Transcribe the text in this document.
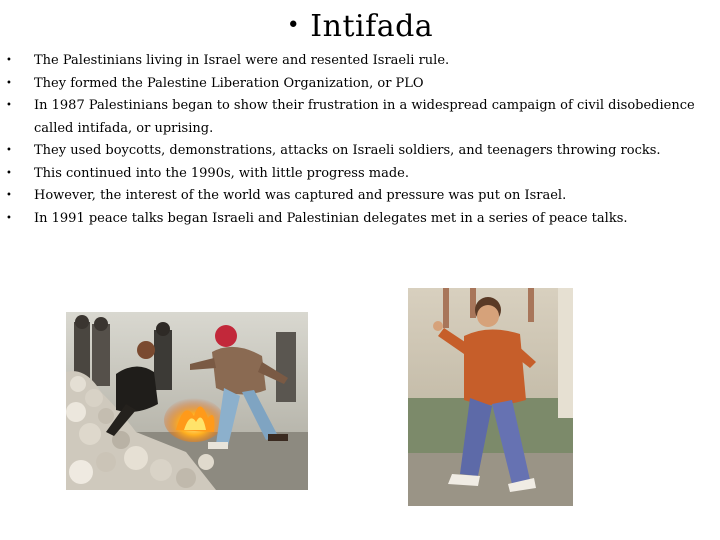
• Intifada
• The Palestinians living in Israel were and resented Israeli rule.
• They formed the Palestine Liberation Organization, or PLO
• In 1987 Palestinians began to show their frustration in a widespread campaign of civil disobedience called intifada, or uprising.
• They used boycotts, demonstrations, attacks on Israeli soldiers, and teenagers throwing rocks.
• This continued into the 1990s, with little progress made.
• However, the interest of the world was captured and pressure was put on Israel.
• In 1991 peace talks began Israeli and Palestinian delegates met in a series of peace talks.
